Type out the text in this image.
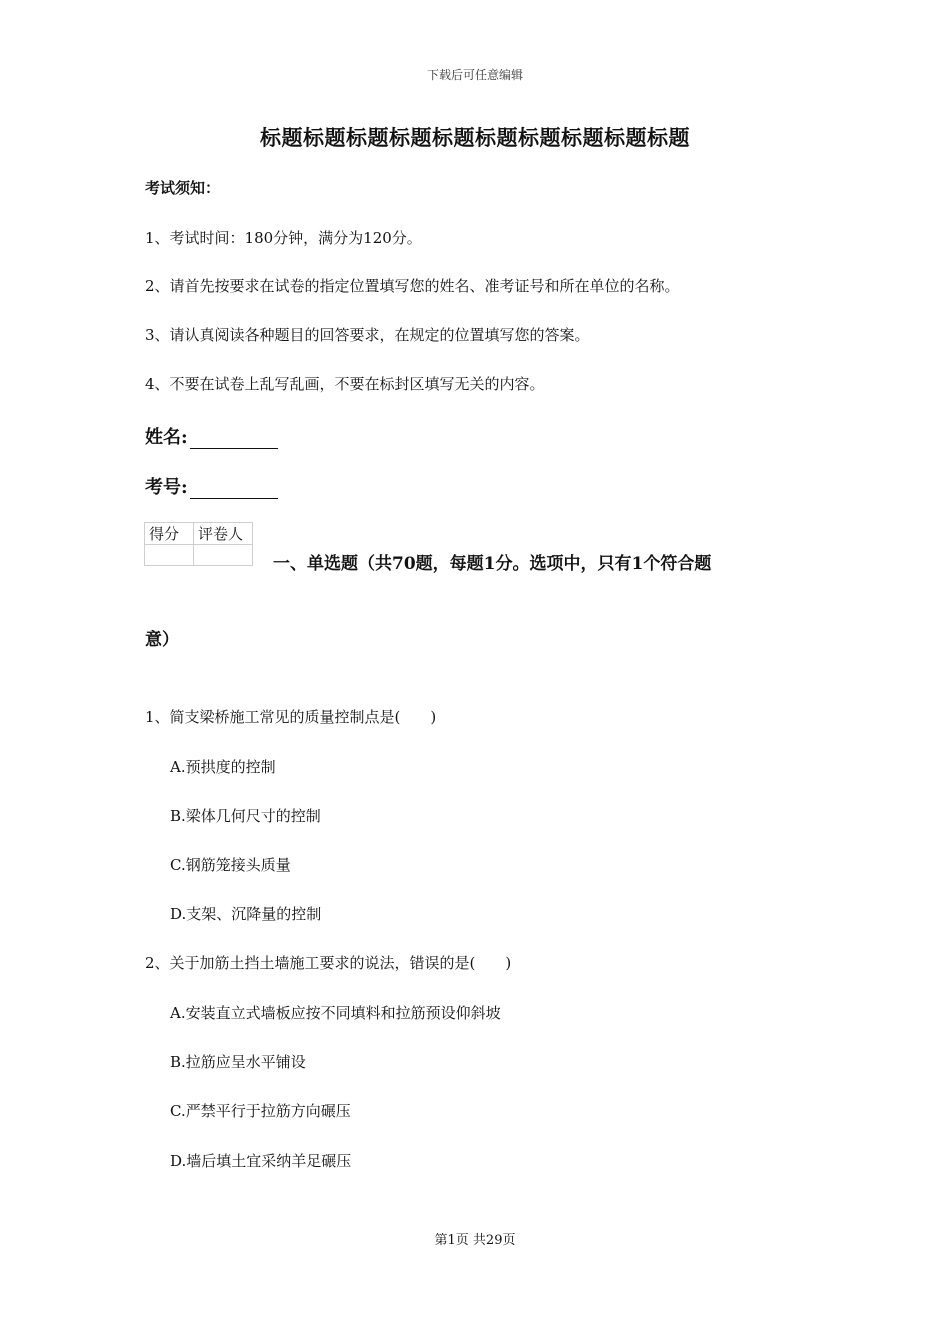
下载后可任意编辑
标题标题标题标题标题标题标题标题标题标题
考试须知：
1、考试时间：180分钟，满分为120分。
2、请首先按要求在试卷的指定位置填写您的姓名、准考证号和所在单位的名称。
3、请认真阅读各种题目的回答要求，在规定的位置填写您的答案。
4、不要在试卷上乱写乱画，不要在标封区填写无关的内容。
姓名:
考号:
得分	评卷人

一、单选题（共70题，每题1分。选项中，只有1个符合题
意）
1、简支梁桥施工常见的质量控制点是(　　)
A.预拱度的控制
B.梁体几何尺寸的控制
C.钢筋笼接头质量
D.支架、沉降量的控制
2、关于加筋土挡土墙施工要求的说法，错误的是(　　)
A.安装直立式墙板应按不同填料和拉筋预设仰斜坡
B.拉筋应呈水平铺设
C.严禁平行于拉筋方向碾压
D.墙后填土宜采纳羊足碾压
第1页 共29页
